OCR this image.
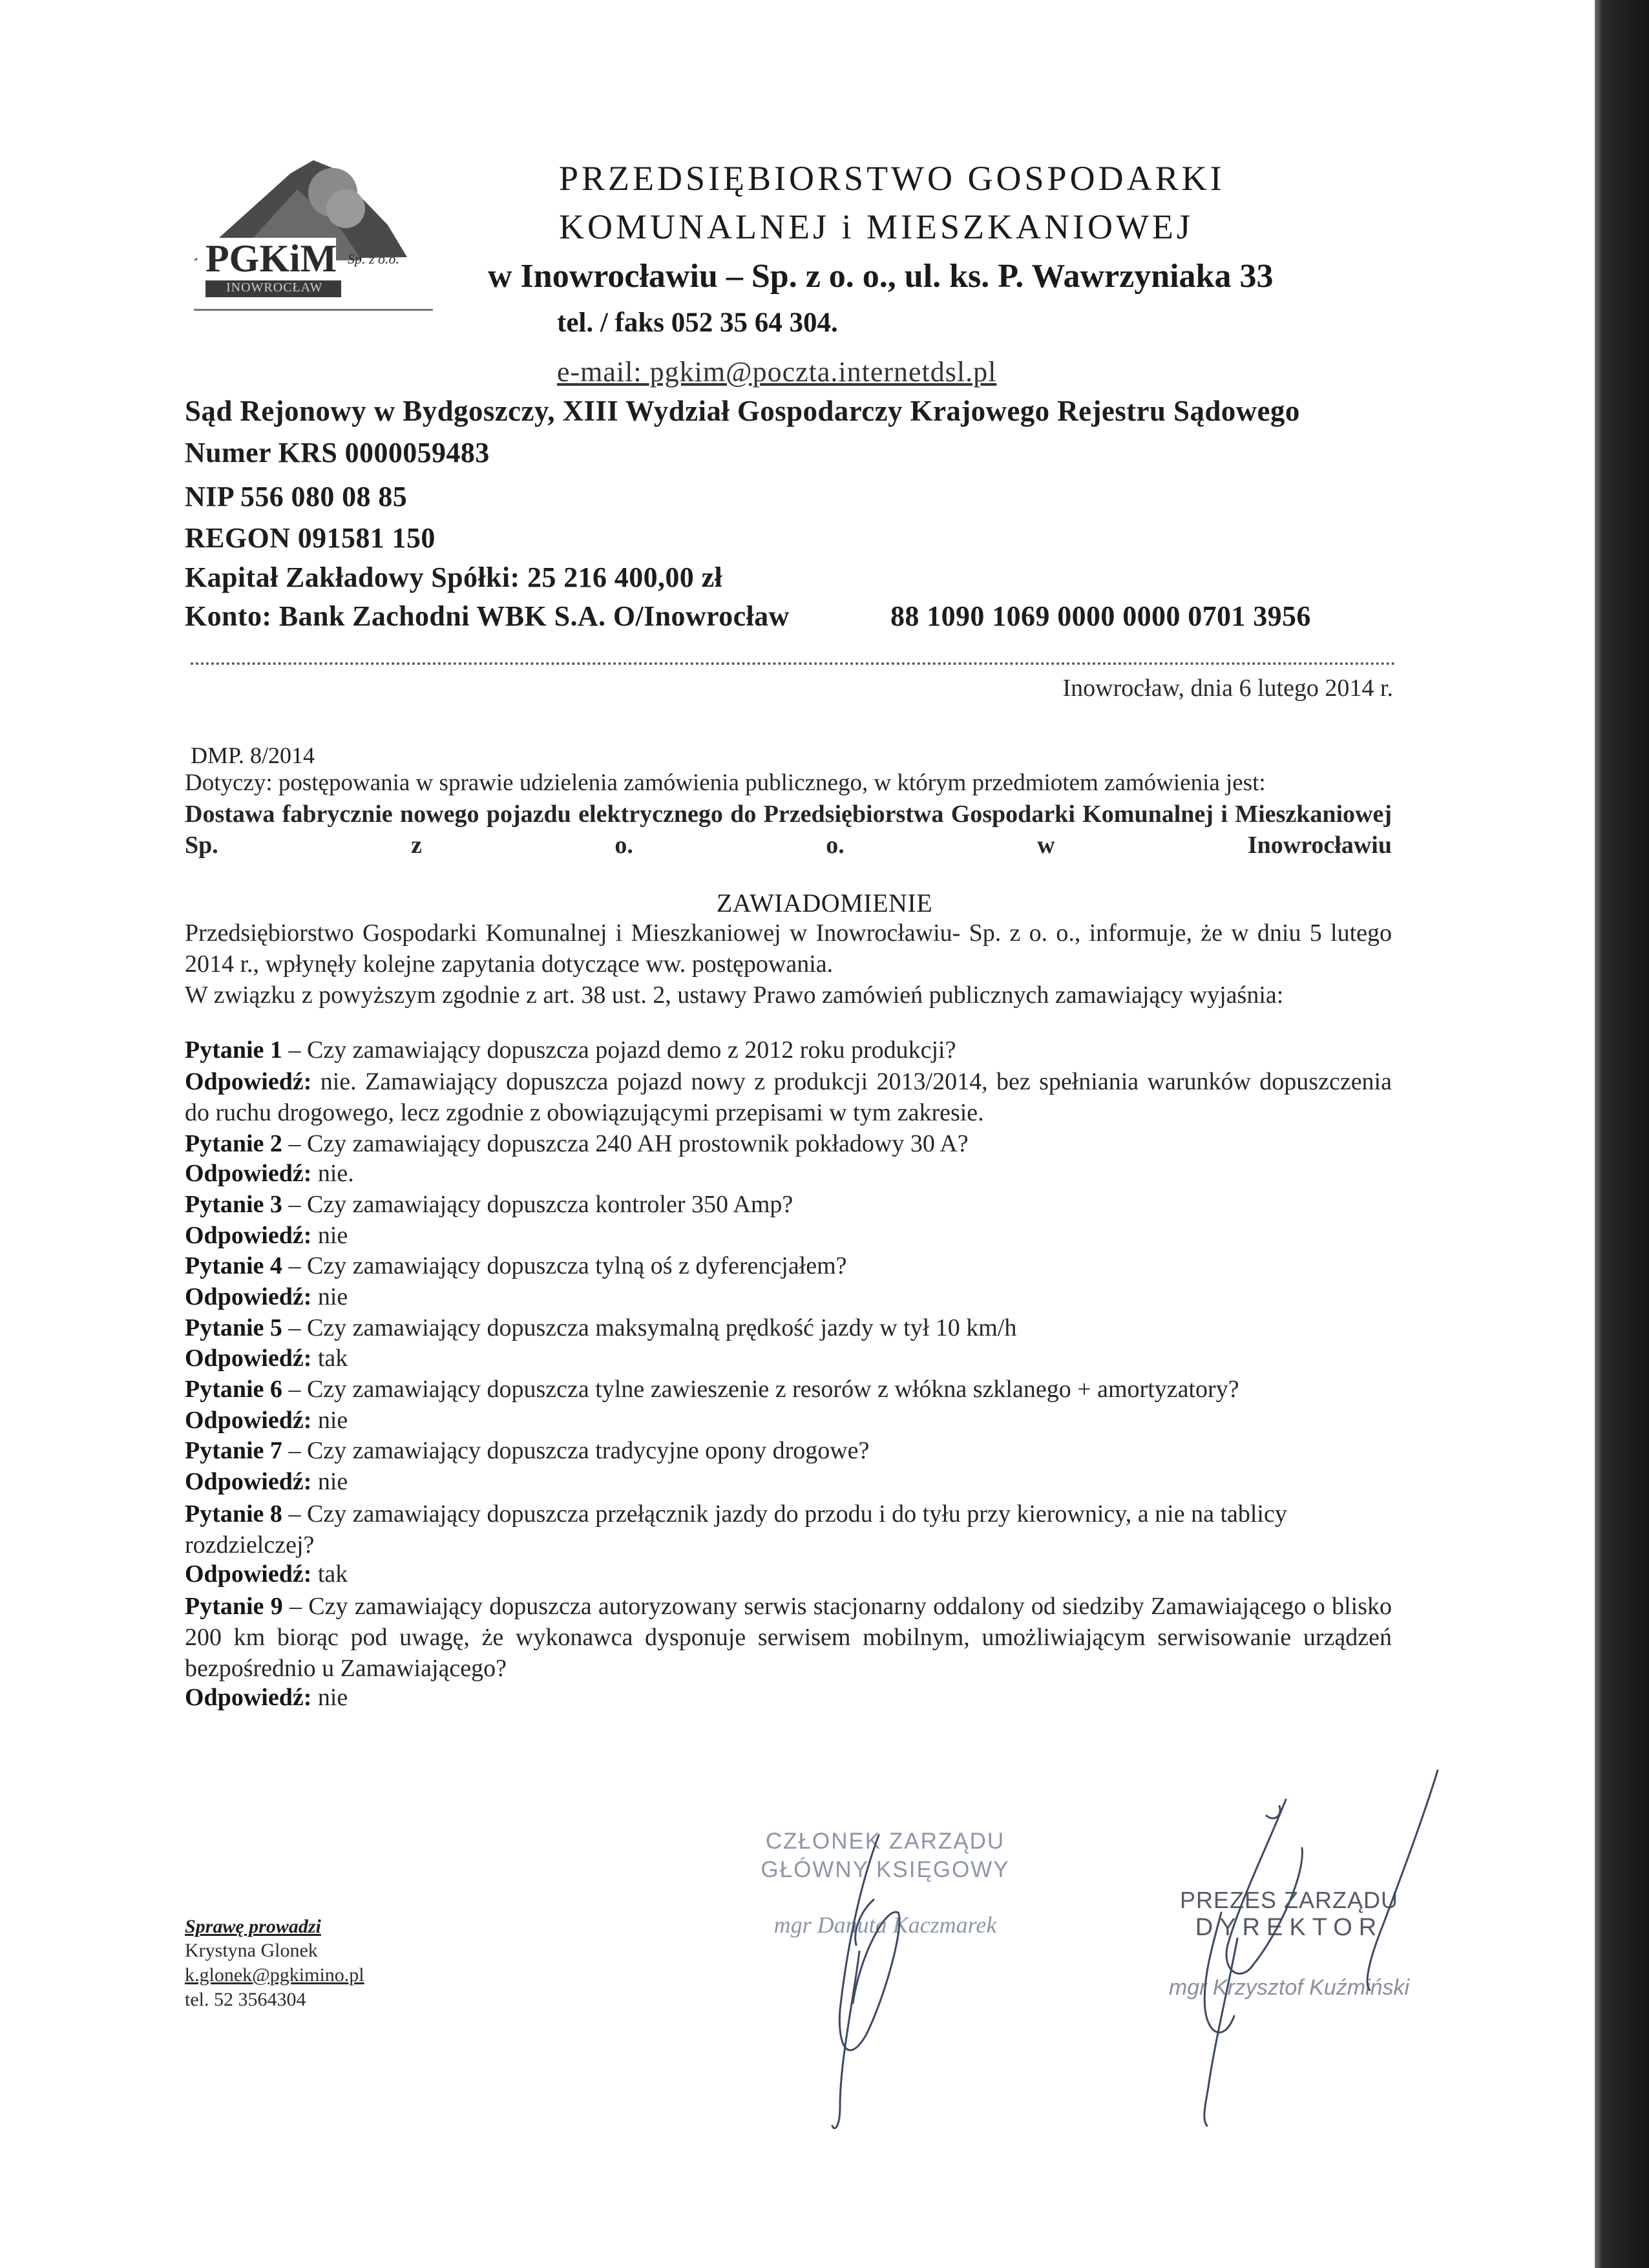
PGKiM
INOWROCŁAW
Sp. z o.o.
PRZEDSIĘBIORSTWO GOSPODARKI
KOMUNALNEJ i MIESZKANIOWEJ
w Inowrocławiu – Sp. z o. o., ul. ks. P. Wawrzyniaka 33
tel. / faks 052 35 64 304.
e-mail: pgkim@poczta.internetdsl.pl
Sąd Rejonowy w Bydgoszczy, XIII Wydział Gospodarczy Krajowego Rejestru Sądowego
Numer KRS 0000059483
NIP 556 080 08 85
REGON 091581 150
Kapitał Zakładowy Spółki: 25 216 400,00 zł
Konto: Bank Zachodni WBK S.A. O/Inowrocław	88 1090 1069 0000 0000 0701 3956
Inowrocław, dnia 6 lutego 2014 r.
DMP. 8/2014
Dotyczy: postępowania w sprawie udzielenia zamówienia publicznego, w którym przedmiotem zamówienia jest:
Dostawa fabrycznie nowego pojazdu elektrycznego do Przedsiębiorstwa Gospodarki Komunalnej i Mieszkaniowej Sp. z o. o. w Inowrocławiu
ZAWIADOMIENIE
Przedsiębiorstwo Gospodarki Komunalnej i Mieszkaniowej w Inowrocławiu- Sp. z o. o., informuje, że w dniu 5 lutego 2014 r., wpłynęły kolejne zapytania dotyczące ww. postępowania.
W związku z powyższym zgodnie z art. 38 ust. 2, ustawy Prawo zamówień publicznych zamawiający wyjaśnia:
Pytanie 1 – Czy zamawiający dopuszcza pojazd demo z 2012 roku produkcji?
Odpowiedź: nie. Zamawiający dopuszcza pojazd nowy z produkcji 2013/2014, bez spełniania warunków dopuszczenia do ruchu drogowego, lecz zgodnie z obowiązującymi przepisami w tym zakresie.
Pytanie 2 – Czy zamawiający dopuszcza 240 AH prostownik pokładowy 30 A?
Odpowiedź: nie.
Pytanie 3 – Czy zamawiający dopuszcza kontroler 350 Amp?
Odpowiedź: nie
Pytanie 4 – Czy zamawiający dopuszcza tylną oś z dyferencjałem?
Odpowiedź: nie
Pytanie 5 – Czy zamawiający dopuszcza maksymalną prędkość jazdy w tył 10 km/h
Odpowiedź: tak
Pytanie 6 – Czy zamawiający dopuszcza tylne zawieszenie z resorów z włókna szklanego + amortyzatory?
Odpowiedź: nie
Pytanie 7 – Czy zamawiający dopuszcza tradycyjne opony drogowe?
Odpowiedź: nie
Pytanie 8 – Czy zamawiający dopuszcza przełącznik jazdy do przodu i do tyłu przy kierownicy, a nie na tablicy rozdzielczej?
Odpowiedź: tak
Pytanie 9 – Czy zamawiający dopuszcza autoryzowany serwis stacjonarny oddalony od siedziby Zamawiającego o blisko 200 km biorąc pod uwagę, że wykonawca dysponuje serwisem mobilnym, umożliwiającym serwisowanie urządzeń bezpośrednio u Zamawiającego?
Odpowiedź: nie
Sprawę prowadzi
Krystyna Glonek
k.glonek@pgkimino.pl
tel. 52 3564304
CZŁONEK ZARZĄDU
GŁÓWNY KSIĘGOWY
mgr Danuta Kaczmarek
PREZES ZARZĄDU
DYREKTOR
mgr Krzysztof Kuźmiński
